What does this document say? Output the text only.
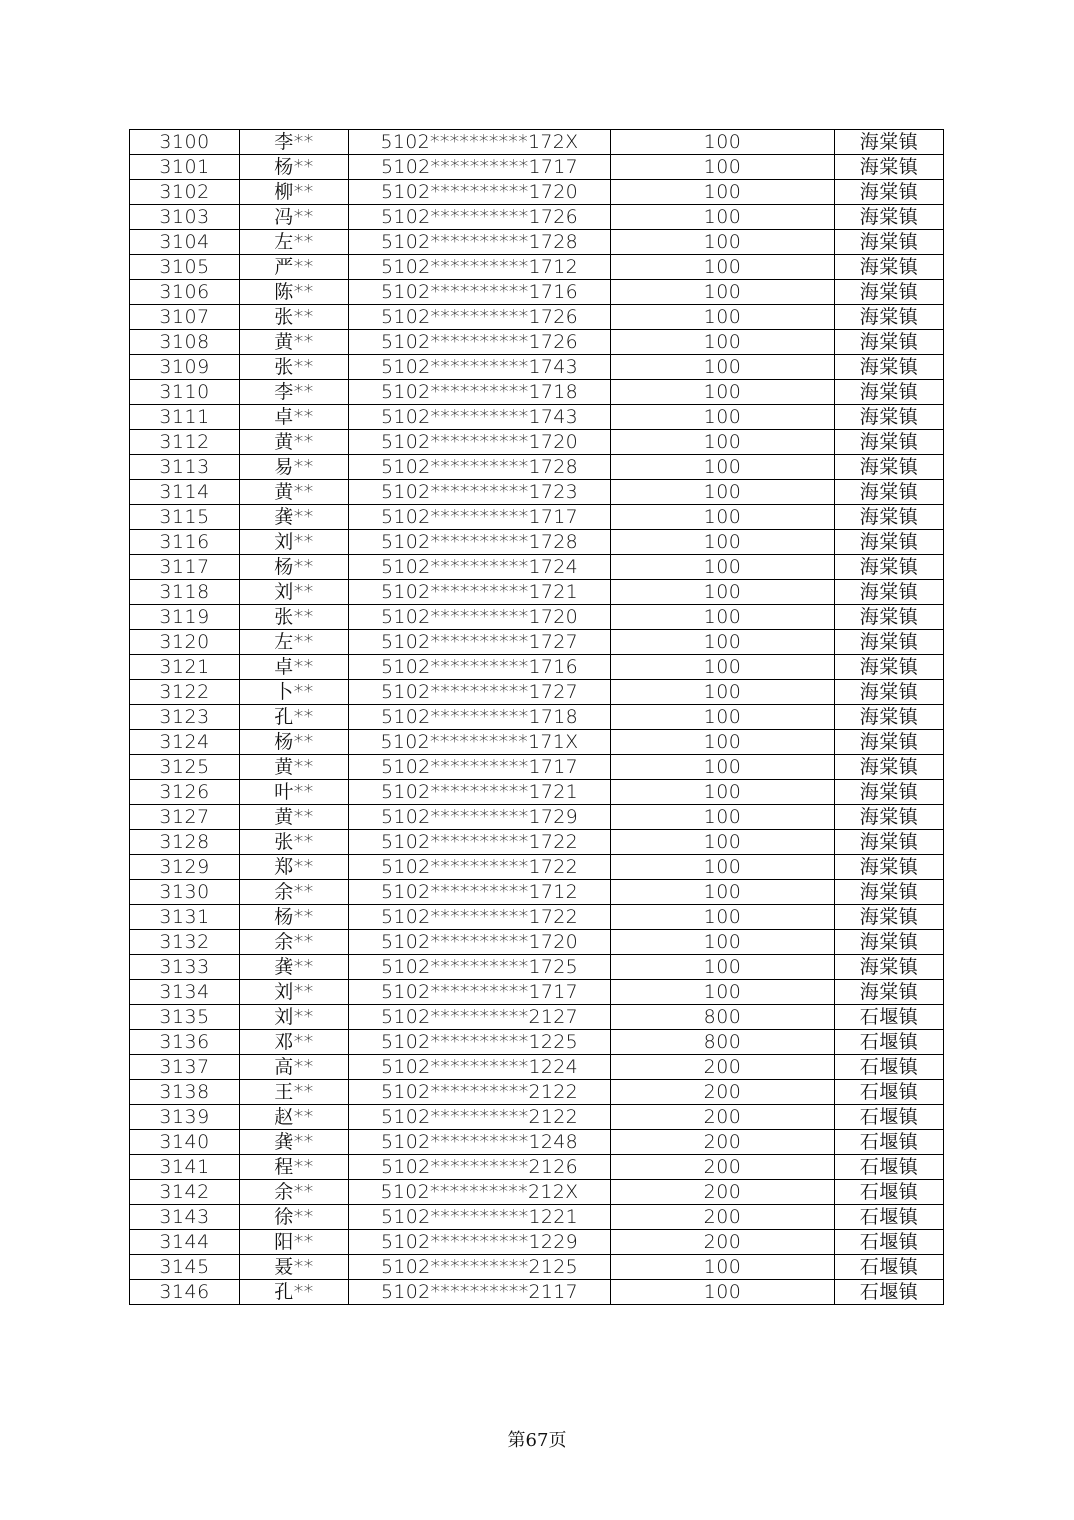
3100	李**	5102**********172X	100	海棠镇
3101	杨**	5102**********1717	100	海棠镇
3102	柳**	5102**********1720	100	海棠镇
3103	冯**	5102**********1726	100	海棠镇
3104	左**	5102**********1728	100	海棠镇
3105	严**	5102**********1712	100	海棠镇
3106	陈**	5102**********1716	100	海棠镇
3107	张**	5102**********1726	100	海棠镇
3108	黄**	5102**********1726	100	海棠镇
3109	张**	5102**********1743	100	海棠镇
3110	李**	5102**********1718	100	海棠镇
3111	卓**	5102**********1743	100	海棠镇
3112	黄**	5102**********1720	100	海棠镇
3113	易**	5102**********1728	100	海棠镇
3114	黄**	5102**********1723	100	海棠镇
3115	龚**	5102**********1717	100	海棠镇
3116	刘**	5102**********1728	100	海棠镇
3117	杨**	5102**********1724	100	海棠镇
3118	刘**	5102**********1721	100	海棠镇
3119	张**	5102**********1720	100	海棠镇
3120	左**	5102**********1727	100	海棠镇
3121	卓**	5102**********1716	100	海棠镇
3122	卜**	5102**********1727	100	海棠镇
3123	孔**	5102**********1718	100	海棠镇
3124	杨**	5102**********171X	100	海棠镇
3125	黄**	5102**********1717	100	海棠镇
3126	叶**	5102**********1721	100	海棠镇
3127	黄**	5102**********1729	100	海棠镇
3128	张**	5102**********1722	100	海棠镇
3129	郑**	5102**********1722	100	海棠镇
3130	余**	5102**********1712	100	海棠镇
3131	杨**	5102**********1722	100	海棠镇
3132	余**	5102**********1720	100	海棠镇
3133	龚**	5102**********1725	100	海棠镇
3134	刘**	5102**********1717	100	海棠镇
3135	刘**	5102**********2127	800	石堰镇
3136	邓**	5102**********1225	800	石堰镇
3137	高**	5102**********1224	200	石堰镇
3138	王**	5102**********2122	200	石堰镇
3139	赵**	5102**********2122	200	石堰镇
3140	龚**	5102**********1248	200	石堰镇
3141	程**	5102**********2126	200	石堰镇
3142	余**	5102**********212X	200	石堰镇
3143	徐**	5102**********1221	200	石堰镇
3144	阳**	5102**********1229	200	石堰镇
3145	聂**	5102**********2125	100	石堰镇
3146	孔**	5102**********2117	100	石堰镇
第67页
